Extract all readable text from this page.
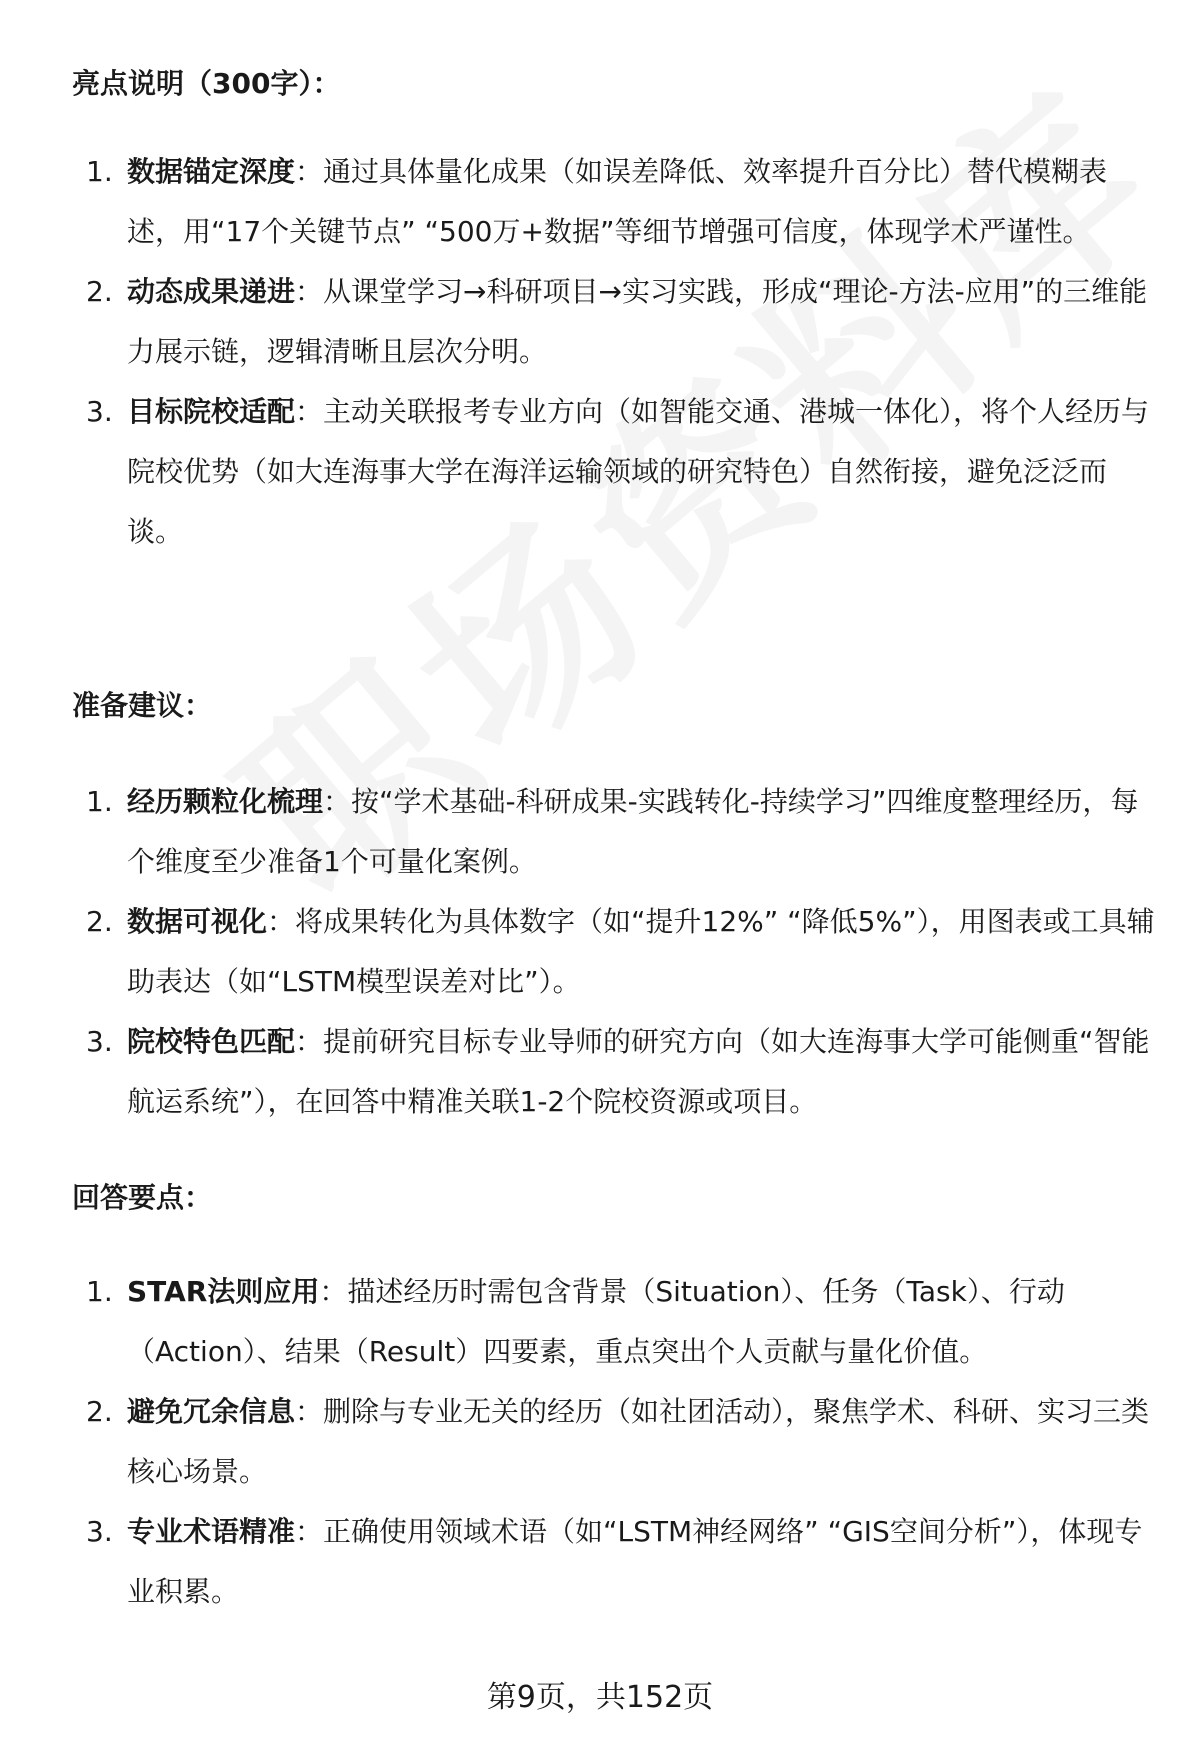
亮点说明（300字）：
1. 数据锚定深度：通过具体量化成果（如误差降低、效率提升百分比）替代模糊表述，用“17个关键节点” “500万+数据”等细节增强可信度，体现学术严谨性。
2. 动态成果递进：从课堂学习→科研项目→实习实践，形成“理论-方法-应用”的三维能力展示链，逻辑清晰且层次分明。
3. 目标院校适配：主动关联报考专业方向（如智能交通、港城一体化），将个人经历与院校优势（如大连海事大学在海洋运输领域的研究特色）自然衔接，避免泛泛而谈。
准备建议：
1. 经历颗粒化梳理：按“学术基础-科研成果-实践转化-持续学习”四维度整理经历，每个维度至少准备1个可量化案例。
2. 数据可视化：将成果转化为具体数字（如“提升12%” “降低5%”），用图表或工具辅助表达（如“LSTM模型误差对比”）。
3. 院校特色匹配：提前研究目标专业导师的研究方向（如大连海事大学可能侧重“智能航运系统”），在回答中精准关联1-2个院校资源或项目。
回答要点：
1. STAR法则应用：描述经历时需包含背景（Situation）、任务（Task）、行动（Action）、结果（Result）四要素，重点突出个人贡献与量化价值。
2. 避免冗余信息：删除与专业无关的经历（如社团活动），聚焦学术、科研、实习三类核心场景。
3. 专业术语精准：正确使用领域术语（如“LSTM神经网络” “GIS空间分析”），体现专业积累。
第9页，共152页
